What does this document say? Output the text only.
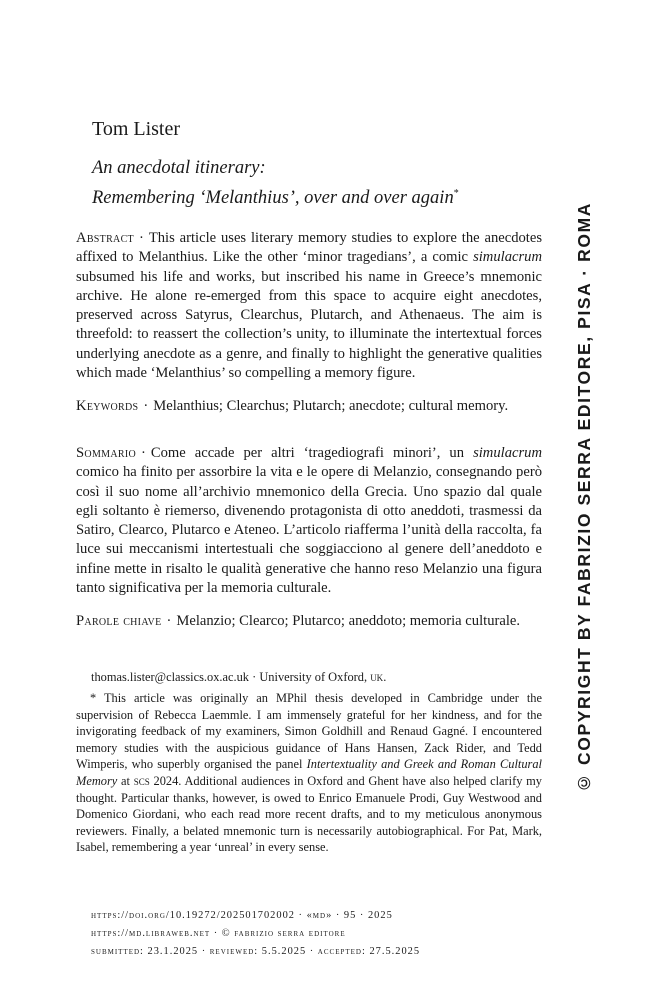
Tom Lister
An anecdotal itinerary:
Remembering ‘Melanthius’, over and over again*
Abstract · This article uses literary memory studies to explore the anecdotes affixed to Melanthius. Like the other ‘minor tragedians’, a comic simulacrum subsumed his life and works, but inscribed his name in Greece’s mnemonic archive. He alone re-emerged from this space to acquire eight anecdotes, preserved across Satyrus, Clearchus, Plutarch, and Athenaeus. The aim is threefold: to reassert the collection’s unity, to illuminate the intertextual forces underlying anecdote as a genre, and finally to highlight the generative qualities which made ‘Melanthius’ so compelling a memory figure.
Keywords · Melanthius; Clearchus; Plutarch; anecdote; cultural memory.
Sommario · Come accade per altri ‘tragediografi minori’, un simulacrum comico ha finito per assorbire la vita e le opere di Melanzio, consegnando però così il suo nome all’archivio mnemonico della Grecia. Uno spazio dal quale egli soltanto è riemerso, divenendo protagonista di otto aneddoti, trasmessi da Satiro, Clearco, Plutarco e Ateneo. L’articolo riafferma l’unità della raccolta, fa luce sui meccanismi intertestuali che soggiacciono al genere dell’aneddoto e infine mette in risalto le qualità generative che hanno reso Melanzio una figura tanto significativa per la memoria culturale.
Parole chiave · Melanzio; Clearco; Plutarco; aneddoto; memoria culturale.
thomas.lister@classics.ox.ac.uk · University of Oxford, uk.
* This article was originally an MPhil thesis developed in Cambridge under the supervision of Rebecca Laemmle. I am immensely grateful for her kindness, and for the invigorating feedback of my examiners, Simon Goldhill and Renaud Gagné. I encountered memory studies with the auspicious guidance of Hans Hansen, Zack Rider, and Tedd Wimperis, who superbly organised the panel Intertextuality and Greek and Roman Cultural Memory at scs 2024. Additional audiences in Oxford and Ghent have also helped clarify my thought. Particular thanks, however, is owed to Enrico Emanuele Prodi, Guy Westwood and Domenico Giordani, who each read more recent drafts, and to my meticulous anonymous reviewers. Finally, a belated mnemonic turn is necessarily autobiographical. For Pat, Mark, Isabel, remembering a year ‘unreal’ in every sense.
https://doi.org/10.19272/202501702002 · «md» · 95 · 2025
https://md.libraweb.net · © fabrizio serra editore
submitted: 23.1.2025 · reviewed: 5.5.2025 · accepted: 27.5.2025
© COPYRIGHT BY FABRIZIO SERRA EDITORE, PISA · ROMA
